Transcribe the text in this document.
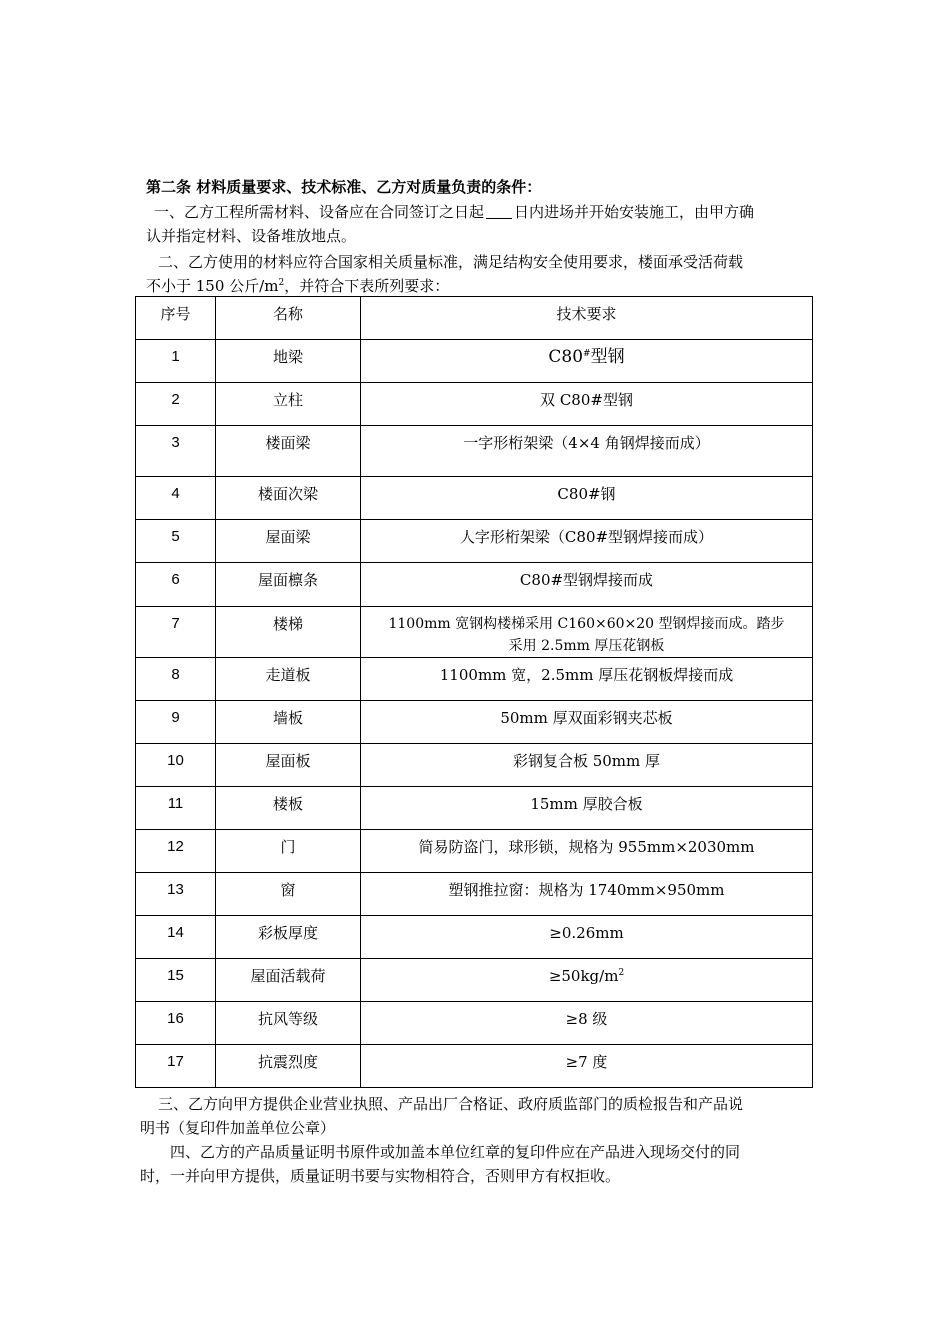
第二条 材料质量要求、技术标准、乙方对质量负责的条件：
一、乙方工程所需材料、设备应在合同签订之日起 日内进场并开始安装施工，由甲方确
认并指定材料、设备堆放地点。
二、乙方使用的材料应符合国家相关质量标准，满足结构安全使用要求，楼面承受活荷载
不小于 150 公斤$/m^2$，并符合下表所列要求：
序号	名称	技术要求
1	地梁	C80#型钢
2	立柱	双 C80#型钢
3	楼面梁	一字形桁架梁（4×4 角钢焊接而成）
4	楼面次梁	C80#钢
5	屋面梁	人字形桁架梁（C80#型钢焊接而成）
6	屋面檩条	C80#型钢焊接而成
7	楼梯	1100mm 宽钢构楼梯采用 C160×60×20 型钢焊接而成。踏步
采用 2.5mm 厚压花钢板

8	走道板	1100mm 宽，2.5mm 厚压花钢板焊接而成
9	墙板	50mm 厚双面彩钢夹芯板
10	屋面板	彩钢复合板 50mm 厚
11	楼板	15mm 厚胶合板
12	门	简易防盗门，球形锁，规格为 955mm×2030mm
13	窗	塑钢推拉窗：规格为 1740mm×950mm
14	彩板厚度	≥0.26mm
15	屋面活载荷	$\ge 50kg/m^2$
16	抗风等级	≥8 级
17	抗震烈度	≥7 度
三、乙方向甲方提供企业营业执照、产品出厂合格证、政府质监部门的质检报告和产品说
明书（复印件加盖单位公章）
四、乙方的产品质量证明书原件或加盖本单位红章的复印件应在产品进入现场交付的同
时，一并向甲方提供，质量证明书要与实物相符合，否则甲方有权拒收。
